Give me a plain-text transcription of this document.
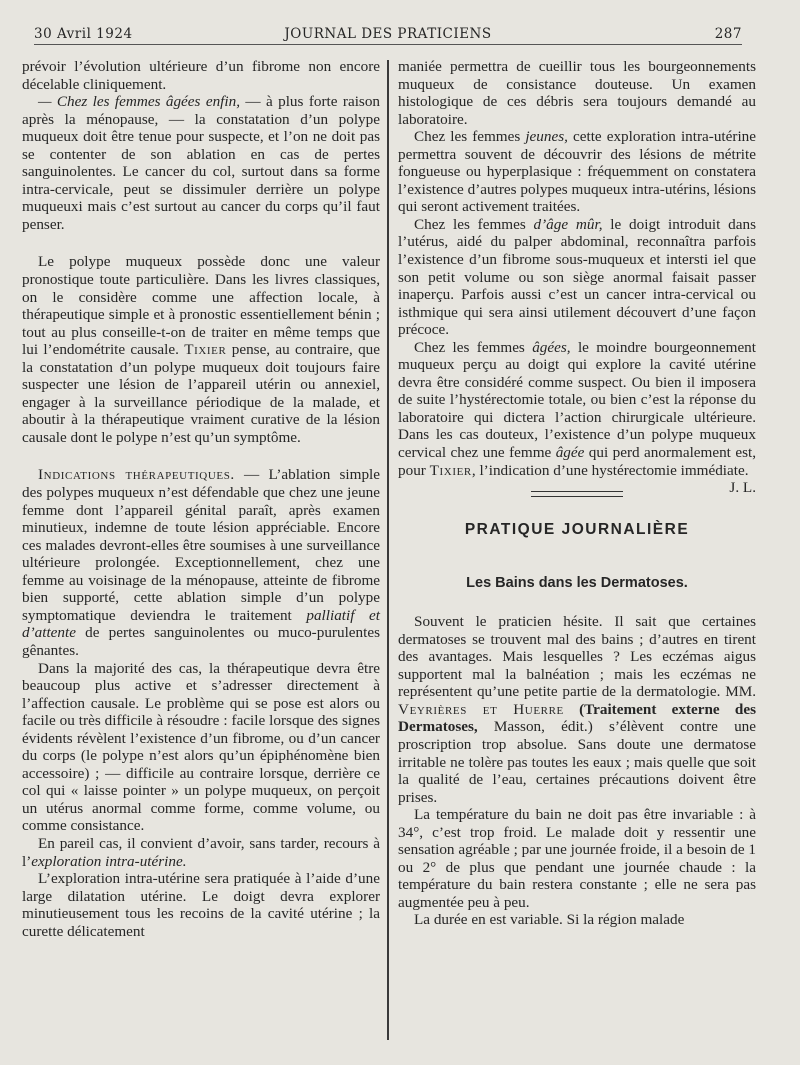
30 Avril 1924	JOURNAL DES PRATICIENS	287

prévoir l’évolution ultérieure d’un fibrome non encore décelable cliniquement.

— Chez les femmes âgées enfin, — à plus forte raison après la ménopause, — la constatation d’un polype muqueux doit être tenue pour suspecte, et l’on ne doit pas se contenter de son ablation en cas de pertes sanguinolentes. Le cancer du col, surtout dans sa forme intra-cervicale, peut se dissimuler derrière un polype muqueuxi mais c’est surtout au cancer du corps qu’il faut penser.

Le polype muqueux possède donc une valeur pronostique toute particulière. Dans les livres classiques, on le considère comme une affection locale, à thérapeutique simple et à pronostic essentiellement bénin ; tout au plus conseille-t-on de traiter en même temps que lui l’endométrite causale. Tixier pense, au contraire, que la constatation d’un polype muqueux doit toujours faire suspecter une lésion de l’appareil utérin ou annexiel, engager à la surveillance périodique de la malade, et aboutir à la thérapeutique vraiment curative de la lésion causale dont le polype n’est qu’un symptôme.

Indications thérapeutiques. — L’ablation simple des polypes muqueux n’est défendable que chez une jeune femme dont l’appareil génital paraît, après examen minutieux, indemne de toute lésion appréciable. Encore ces malades devront-elles être soumises à une surveillance ultérieure prolongée. Exceptionnellement, chez une femme au voisinage de la ménopause, atteinte de fibrome bien supporté, cette ablation simple d’un polype symptomatique deviendra le traitement palliatif et d’attente de pertes sanguinolentes ou muco-purulentes gênantes.

Dans la majorité des cas, la thérapeutique devra être beaucoup plus active et s’adresser directement à l’affection causale. Le problème qui se pose est alors ou facile ou très difficile à résoudre : facile lorsque des signes évidents révèlent l’existence d’un fibrome, ou d’un cancer du corps (le polype n’est alors qu’un épiphénomène bien accessoire) ; — difficile au contraire lorsque, derrière ce col qui « laisse pointer » un polype muqueux, on perçoit un utérus anormal comme forme, comme volume, ou comme consistance.

En pareil cas, il convient d’avoir, sans tarder, recours à l’exploration intra-utérine.

L’exploration intra-utérine sera pratiquée à l’aide d’une large dilatation utérine. Le doigt devra explorer minutieusement tous les recoins de la cavité utérine ; la curette délicatement

maniée permettra de cueillir tous les bourgeonnements muqueux de consistance douteuse. Un examen histologique de ces débris sera toujours demandé au laboratoire.

Chez les femmes jeunes, cette exploration intra-utérine permettra souvent de découvrir des lésions de métrite fongueuse ou hyperplasique : fréquemment on constatera l’existence d’autres polypes muqueux intra-utérins, lésions qui seront activement traitées.

Chez les femmes d’âge mûr, le doigt introduit dans l’utérus, aidé du palper abdominal, reconnaîtra parfois l’existence d’un fibrome sous-muqueux et intersti iel que son petit volume ou son siège anormal faisait passer inaperçu. Parfois aussi c’est un cancer intra-cervical ou isthmique qui sera ainsi utilement découvert d’une façon précoce.

Chez les femmes âgées, le moindre bourgeonnement muqueux perçu au doigt qui explore la cavité utérine devra être considéré comme suspect. Ou bien il imposera de suite l’hystérectomie totale, ou bien c’est la réponse du laboratoire qui dictera l’action chirurgicale ultérieure. Dans les cas douteux, l’existence d’un polype muqueux cervical chez une femme âgée qui perd anormalement est, pour Tixier, l’indication d’une hystérectomie immédiate.
J. L.

PRATIQUE JOURNALIÈRE
Les Bains dans les Dermatoses.

Souvent le praticien hésite. Il sait que certaines dermatoses se trouvent mal des bains ; d’autres en tirent des avantages. Mais lesquelles ? Les eczémas aigus supportent mal la balnéation ; mais les eczémas ne représentent qu’une petite partie de la dermatologie. MM. Veyrières et Huerre (Traitement externe des Dermatoses, Masson, édit.) s’élèvent contre une proscription trop absolue. Sans doute une dermatose irritable ne tolère pas toutes les eaux ; mais quelle que soit la qualité de l’eau, certaines précautions doivent être prises.

La température du bain ne doit pas être invariable : à 34°, c’est trop froid. Le malade doit y ressentir une sensation agréable ; par une journée froide, il a besoin de 1 ou 2° de plus que pendant une journée chaude : la température du bain restera constante ; elle ne sera pas augmentée peu à peu.

La durée en est variable. Si la région malade
